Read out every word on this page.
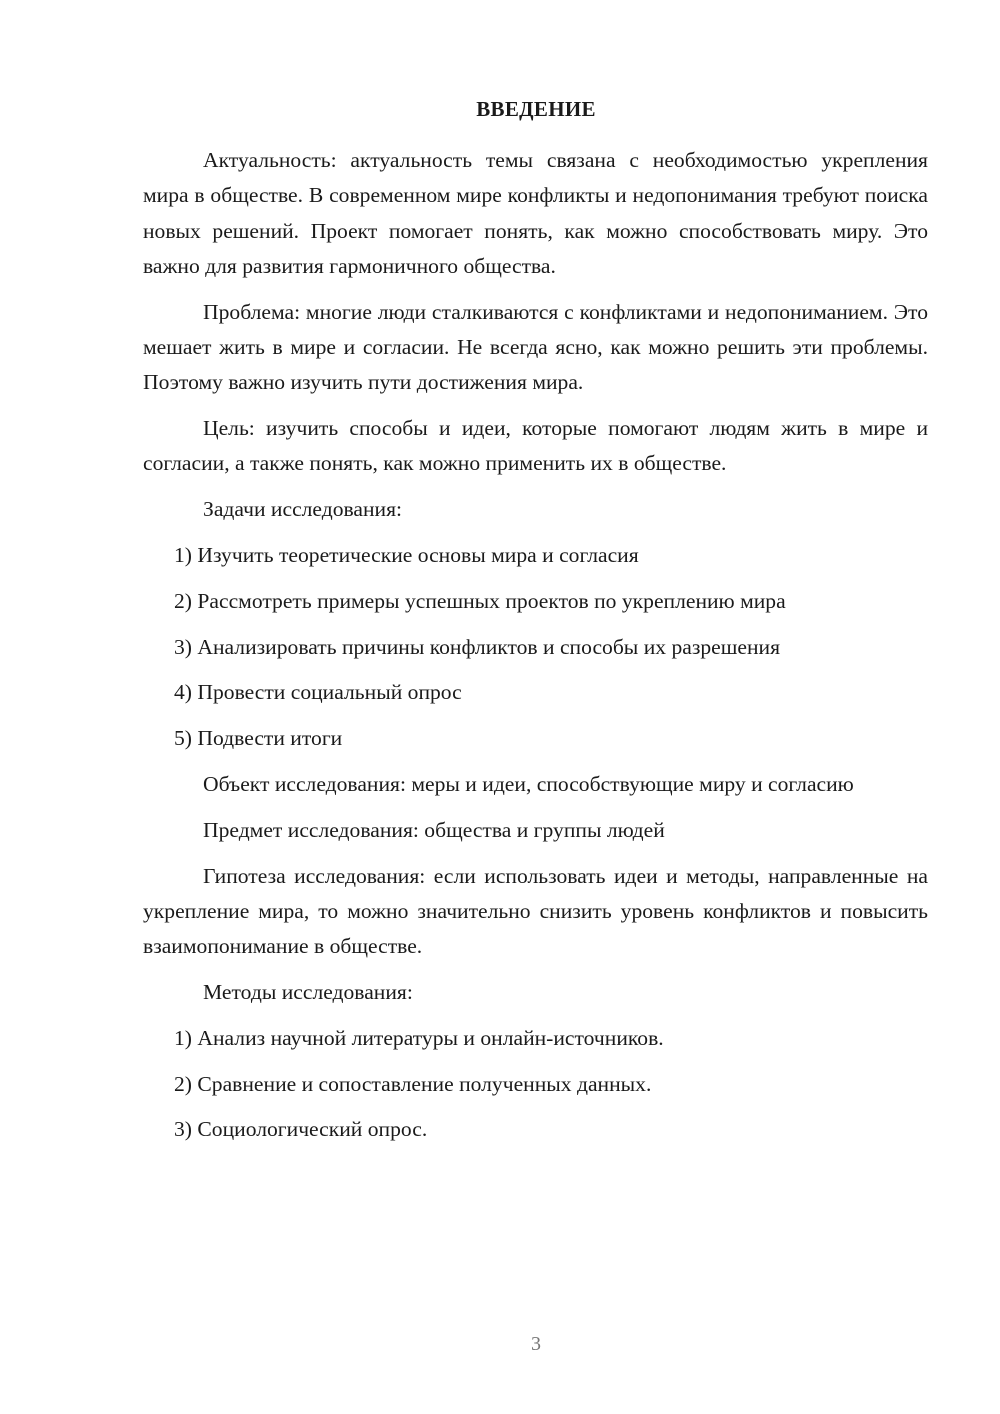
ВВЕДЕНИЕ

Актуальность: актуальность темы связана с необходимостью укрепления мира в обществе. В современном мире конфликты и недопонимания требуют поиска новых решений. Проект помогает понять, как можно способствовать миру. Это важно для развития гармоничного общества.

Проблема: многие люди сталкиваются с конфликтами и недопониманием. Это мешает жить в мире и согласии. Не всегда ясно, как можно решить эти проблемы. Поэтому важно изучить пути достижения мира.

Цель: изучить способы и идеи, которые помогают людям жить в мире и согласии, а также понять, как можно применить их в обществе.

Задачи исследования:

1) Изучить теоретические основы мира и согласия
2) Рассмотреть примеры успешных проектов по укреплению мира
3) Анализировать причины конфликтов и способы их разрешения
4) Провести социальный опрос
5) Подвести итоги

Объект исследования: меры и идеи, способствующие миру и согласию

Предмет исследования: общества и группы людей

Гипотеза исследования: если использовать идеи и методы, направленные на укрепление мира, то можно значительно снизить уровень конфликтов и повысить взаимопонимание в обществе.

Методы исследования:

1) Анализ научной литературы и онлайн-источников.
2) Сравнение и сопоставление полученных данных.
3) Социологический опрос.
3
